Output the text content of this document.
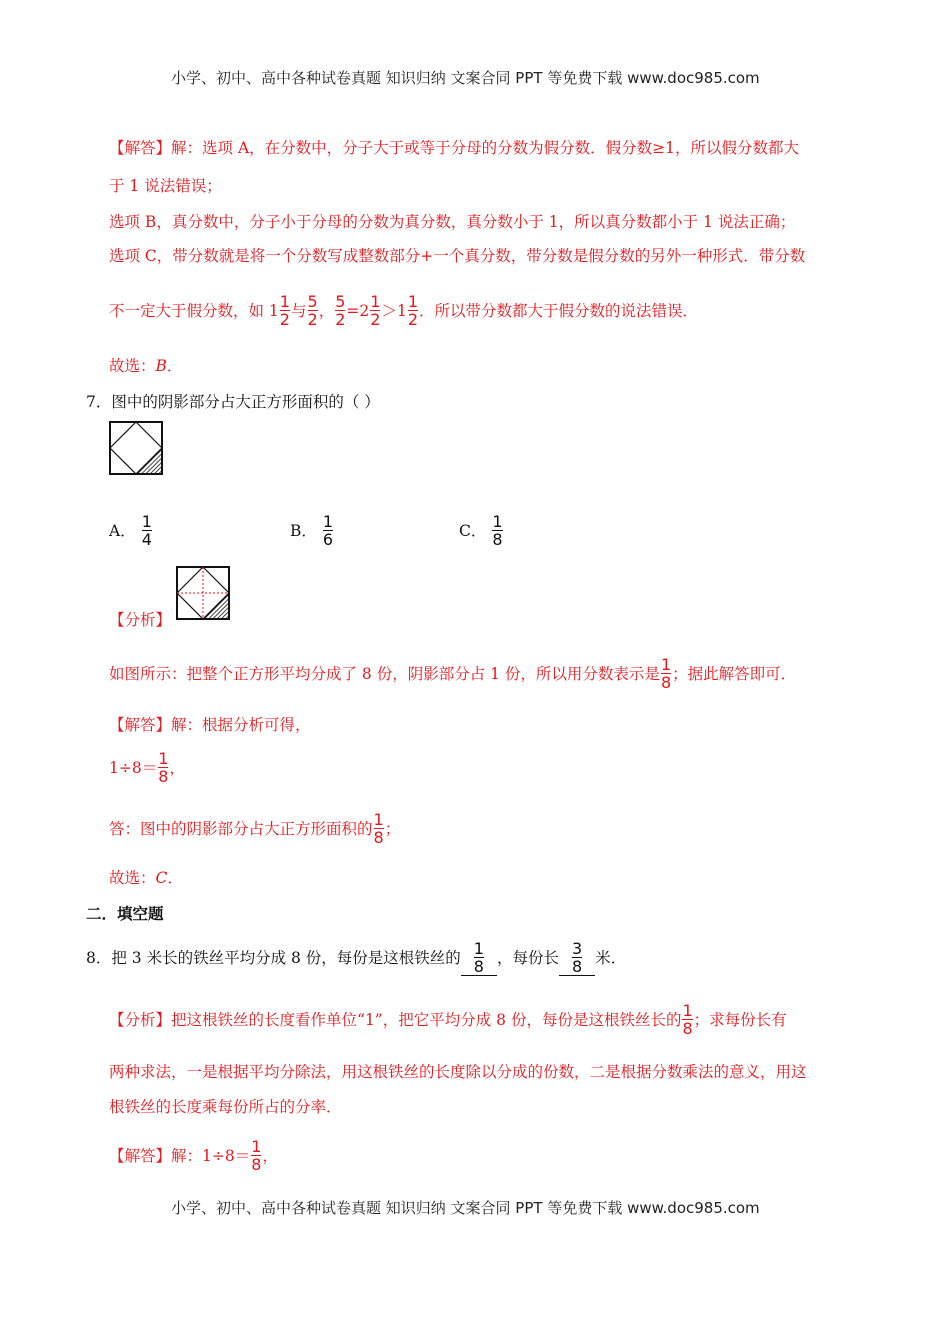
小学、初中、高中各种试卷真题 知识归纳 文案合同 PPT 等免费下载 www.doc985.com
【解答】解：选项 A，在分数中，分子大于或等于分母的分数为假分数．假分数≥1，所以假分数都大
于 1 说法错误；
选项 B，真分数中，分子小于分母的分数为真分数，真分数小于 1，所以真分数都小于 1 说法正确；
选项 C，带分数就是将一个分数写成整数部分+一个真分数，带分数是假分数的另外一种形式．带分数
不一定大于假分数，如 $1 \frac{1}{2}$ 与 $\frac{5}{2}$ ， $\frac{5}{2} =2 \frac{1}{2} >1 \frac{1}{2}$ ．所以带分数都大于假分数的说法错误．
故选：B．
7．图中的阴影部分占大正方形面积的（ ）
A． $\frac{1}{4}$	B． $\frac{1}{6}$	C． $\frac{1}{8}$
【分析】
如图所示：把整个正方形平均分成了 8 份，阴影部分占 1 份，所以用分数表示是 $\frac{1}{8}$ ；据此解答即可．
【解答】解：根据分析可得，
$1\div 8= \frac{1}{8}$ ，
答：图中的阴影部分占大正方形面积的 $\frac{1}{8}$ ；
故选：C．
二．填空题
8．把 3 米长的铁丝平均分成 8 份，每份是这根铁丝的 $\frac{1}{8}$ ，每份长 $\frac{3}{8}$ 米．
【分析】 把这根铁丝的长度看作单位“1”，把它平均分成 8 份，每份是这根铁丝长的 $\frac{1}{8}$ ；求每份长有
两种求法，一是根据平均分除法，用这根铁丝的长度除以分成的份数，二是根据分数乘法的意义，用这
根铁丝的长度乘每份所占的分率．
【解答】 解：$1\div 8= \frac{1}{8}$ ，
小学、初中、高中各种试卷真题 知识归纳 文案合同 PPT 等免费下载 www.doc985.com
